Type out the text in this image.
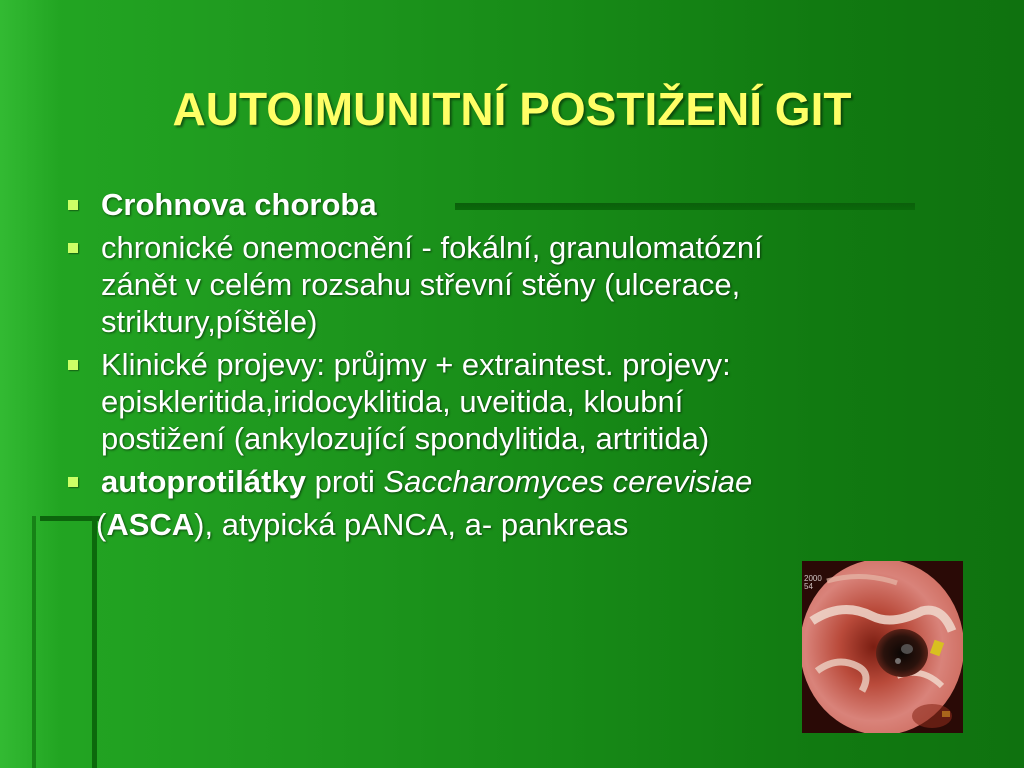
AUTOIMUNITNÍ POSTIŽENÍ GIT
Crohnova choroba
chronické onemocnění - fokální, granulomatózní
zánět v celém rozsahu střevní stěny (ulcerace,
striktury,píštěle)
Klinické projevy: průjmy + extraintest. projevy:
episkleritida,iridocyklitida, uveitida, kloubní
postižení (ankylozující spondylitida, artritida)
autoprotilátky proti Saccharomyces cerevisiae
(ASCA), atypická pANCA, a- pankreas
2000
54
